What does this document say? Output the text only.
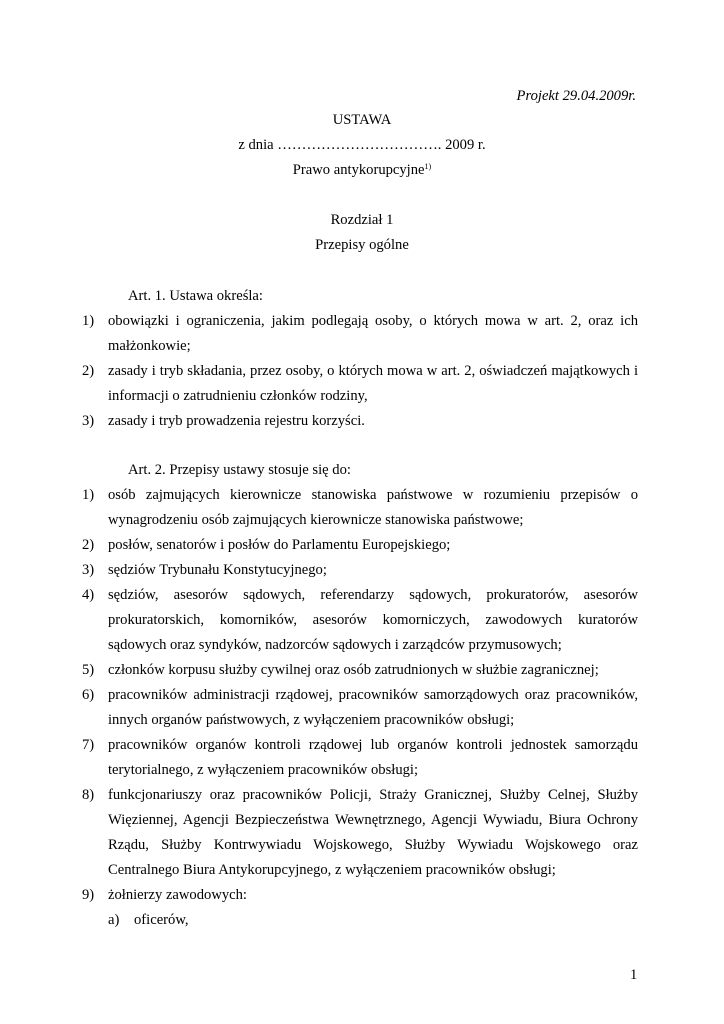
Projekt 29.04.2009r.
USTAWA
z dnia ……………………………. 2009 r.
Prawo antykorupcyjne$^{1)}$
Rozdział 1
Przepisy ogólne
Art. 1. Ustawa określa:
1) obowiązki i ograniczenia, jakim podlegają osoby, o których mowa w art. 2, oraz ich małżonkowie;
2) zasady i tryb składania, przez osoby, o których mowa w art. 2, oświadczeń majątkowych i informacji o zatrudnieniu członków rodziny,
3) zasady i tryb prowadzenia rejestru korzyści.
Art. 2. Przepisy ustawy stosuje się do:
1) osób zajmujących kierownicze stanowiska państwowe w rozumieniu przepisów o wynagrodzeniu osób zajmujących kierownicze stanowiska państwowe;
2) posłów, senatorów i posłów do Parlamentu Europejskiego;
3) sędziów Trybunału Konstytucyjnego;
4) sędziów, asesorów sądowych, referendarzy sądowych, prokuratorów, asesorów prokuratorskich, komorników, asesorów komorniczych, zawodowych kuratorów sądowych oraz syndyków, nadzorców sądowych i zarządców przymusowych;
5) członków korpusu służby cywilnej oraz osób zatrudnionych w służbie zagranicznej;
6) pracowników administracji rządowej, pracowników samorządowych oraz pracowników, innych organów państwowych, z wyłączeniem pracowników obsługi;
7) pracowników organów kontroli rządowej lub organów kontroli jednostek samorządu terytorialnego, z wyłączeniem pracowników obsługi;
8) funkcjonariuszy oraz pracowników Policji, Straży Granicznej, Służby Celnej, Służby Więziennej, Agencji Bezpieczeństwa Wewnętrznego, Agencji Wywiadu, Biura Ochrony Rządu, Służby Kontrwywiadu Wojskowego, Służby Wywiadu Wojskowego oraz Centralnego Biura Antykorupcyjnego, z wyłączeniem pracowników obsługi;
9) żołnierzy zawodowych:
a) oficerów,
1
